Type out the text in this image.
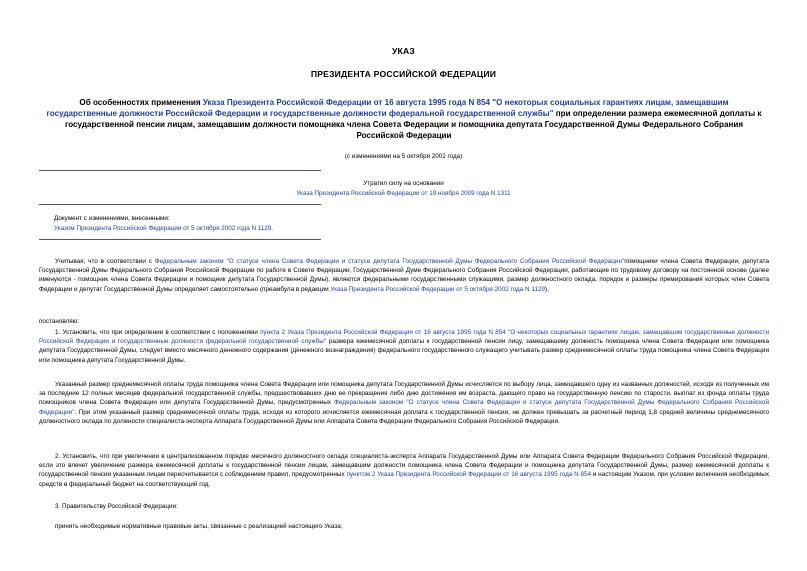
УКАЗ
ПРЕЗИДЕНТА РОССИЙСКОЙ ФЕДЕРАЦИИ
Об особенностях применения Указа Президента Российской Федерации от 16 августа 1995 года N 854 "О некоторых социальных гарантиях лицам, замещавшим государственные должности Российской Федерации и государственные должности федеральной государственной службы" при определении размера ежемесячной доплаты к государственной пенсии лицам, замещавшим должности помощника члена Совета Федерации и помощника депутата Государственной Думы Федерального Собрания Российской Федерации
(с изменениями на 5 октября 2002 года)
Утратил силу на основании
Указа Президента Российской Федерации от 19 ноября 2009 года N 1311
Документ с изменениями, внесенными:
Указом Президента Российской Федерации от 5 октября 2002 года N 1129.
Учитывая, что в соответствии с Федеральным законом "О статусе члена Совета Федерации и статусе депутата Государственной Думы Федерального Собрания Российской Федерации"помощники члена Совета Федерации, депутата Государственной Думы Федерального Собрания Российской Федерации по работе в Совете Федерации, Государственной Думе Федерального Собрания Российской Федерации, работающие по трудовому договору на постоянной основе (далее именуются - помощник члена Совета Федерации и помощник депутата Государственной Думы), являются федеральными государственными служащими, размер должностного оклада, порядок и размеры премирования которых член Совета Федерации и депутат Государственной Думы определяет самостоятельно (преамбула в редакции Указа Президента Российской Федерации от 5 октября 2002 года N 1129),
постановляю:
1. Установить, что при определении в соответствии с положениями пункта 2 Указа Президента Российской Федерации от 16 августа 1995 года N 854 "О некоторых социальных гарантиях лицам, замещавшим государственные должности Российской Федерации и государственные должности федеральной государственной службы" размера ежемесячной доплаты к государственной пенсии лицу, замещавшему должность помощника члена Совета Федерации или помощника депутата Государственной Думы, следует вместо месячного денежного содержания (денежного вознаграждения) федерального государственного служащего учитывать размер среднемесячной оплаты труда помощника члена Совета Федерации или помощника депутата Государственной Думы.
Указанный размер среднемесячной оплаты труда помощника члена Совета Федерации или помощника депутата Государственной Думы исчисляется по выбору лица, замещавшего одну из названных должностей, исходя из полученных им за последние 12 полных месяцев федеральной государственной службы, предшествовавших дню ее прекращения либо дню достижения им возраста, дающего право на государственную пенсию по старости, выплат из фонда оплаты труда помощников члена Совета Федерации или депутата Государственной Думы, предусмотренных Федеральным законом "О статусе члена Совета Федерации и статусе депутата Государственной Думы Федерального Собрания Российской Федерации". При этом указанный размер среднемесячной оплаты труда, исходя из которого исчисляется ежемесячная доплата к государственной пенсии, не должен превышать за расчетный период 1,8 средней величины среднемесячного должностного оклада по должности специалиста-эксперта Аппарата Государственной Думы или Аппарата Совета Федерации Федерального Собрания Российской Федерации.
2. Установить, что при увеличении в централизованном порядке месячного должностного оклада специалиста-эксперта Аппарата Государственной Думы или Аппарата Совета Федерации Федерального Собрания Российской Федерации, если это влечет увеличение размера ежемесячной доплаты к государственной пенсии лицам, замещавшим должности помощника члена Совета Федерации и помощника депутата Государственной Думы, размер ежемесячной доплаты к государственной пенсии указанным лицам пересчитывается с соблюдением правил, предусмотренных пунктом 2 Указа Президента Российской Федерации от 16 августа 1995 года N 854 и настоящим Указом, при условии включения необходимых средств в федеральный бюджет на соответствующий год.
3. Правительству Российской Федерации:
принять необходимые нормативные правовые акты, связанные с реализацией настоящего Указа;
